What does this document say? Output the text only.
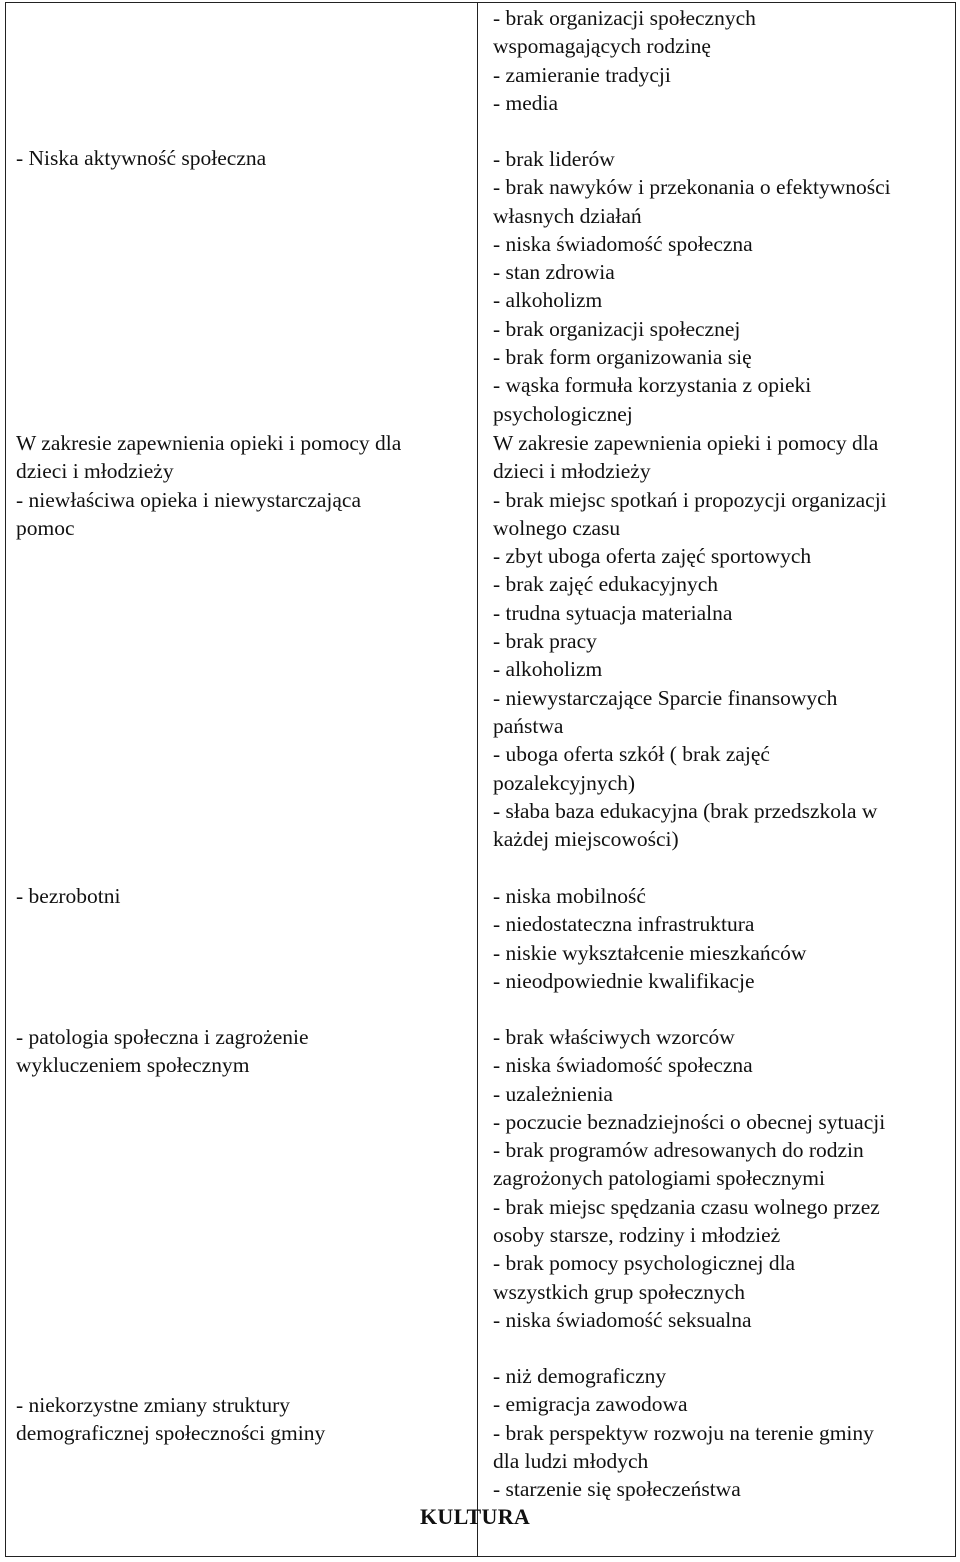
- Niska aktywność społeczna
W zakresie zapewnienia opieki i pomocy dla
dzieci i młodzieży
- niewłaściwa opieka i niewystarczająca
pomoc
- bezrobotni
- patologia społeczna i zagrożenie
wykluczeniem społecznym
- niekorzystne zmiany struktury
demograficznej społeczności gminy
- brak organizacji społecznych
wspomagających rodzinę
- zamieranie tradycji
- media
- brak liderów
- brak nawyków i przekonania o efektywności
własnych działań
- niska świadomość społeczna
- stan zdrowia
- alkoholizm
- brak organizacji społecznej
- brak form organizowania się
- wąska formuła korzystania z opieki
psychologicznej
W zakresie zapewnienia opieki i pomocy dla
dzieci i młodzieży
- brak miejsc spotkań i propozycji organizacji
wolnego czasu
- zbyt uboga oferta zajęć sportowych
- brak zajęć edukacyjnych
- trudna sytuacja materialna
- brak pracy
- alkoholizm
- niewystarczające Sparcie finansowych
państwa
- uboga oferta szkół ( brak zajęć
pozalekcyjnych)
- słaba baza edukacyjna (brak przedszkola w
każdej miejscowości)
- niska mobilność
- niedostateczna infrastruktura
- niskie wykształcenie mieszkańców
- nieodpowiednie kwalifikacje
- brak właściwych wzorców
- niska świadomość społeczna
- uzależnienia
- poczucie beznadziejności o obecnej sytuacji
- brak programów adresowanych do rodzin
zagrożonych patologiami społecznymi
- brak miejsc spędzania czasu wolnego przez
osoby starsze, rodziny i młodzież
- brak pomocy psychologicznej dla
wszystkich grup społecznych
- niska świadomość seksualna
- niż demograficzny
- emigracja zawodowa
- brak perspektyw rozwoju na terenie gminy
dla ludzi młodych
- starzenie się społeczeństwa
KULTURA
